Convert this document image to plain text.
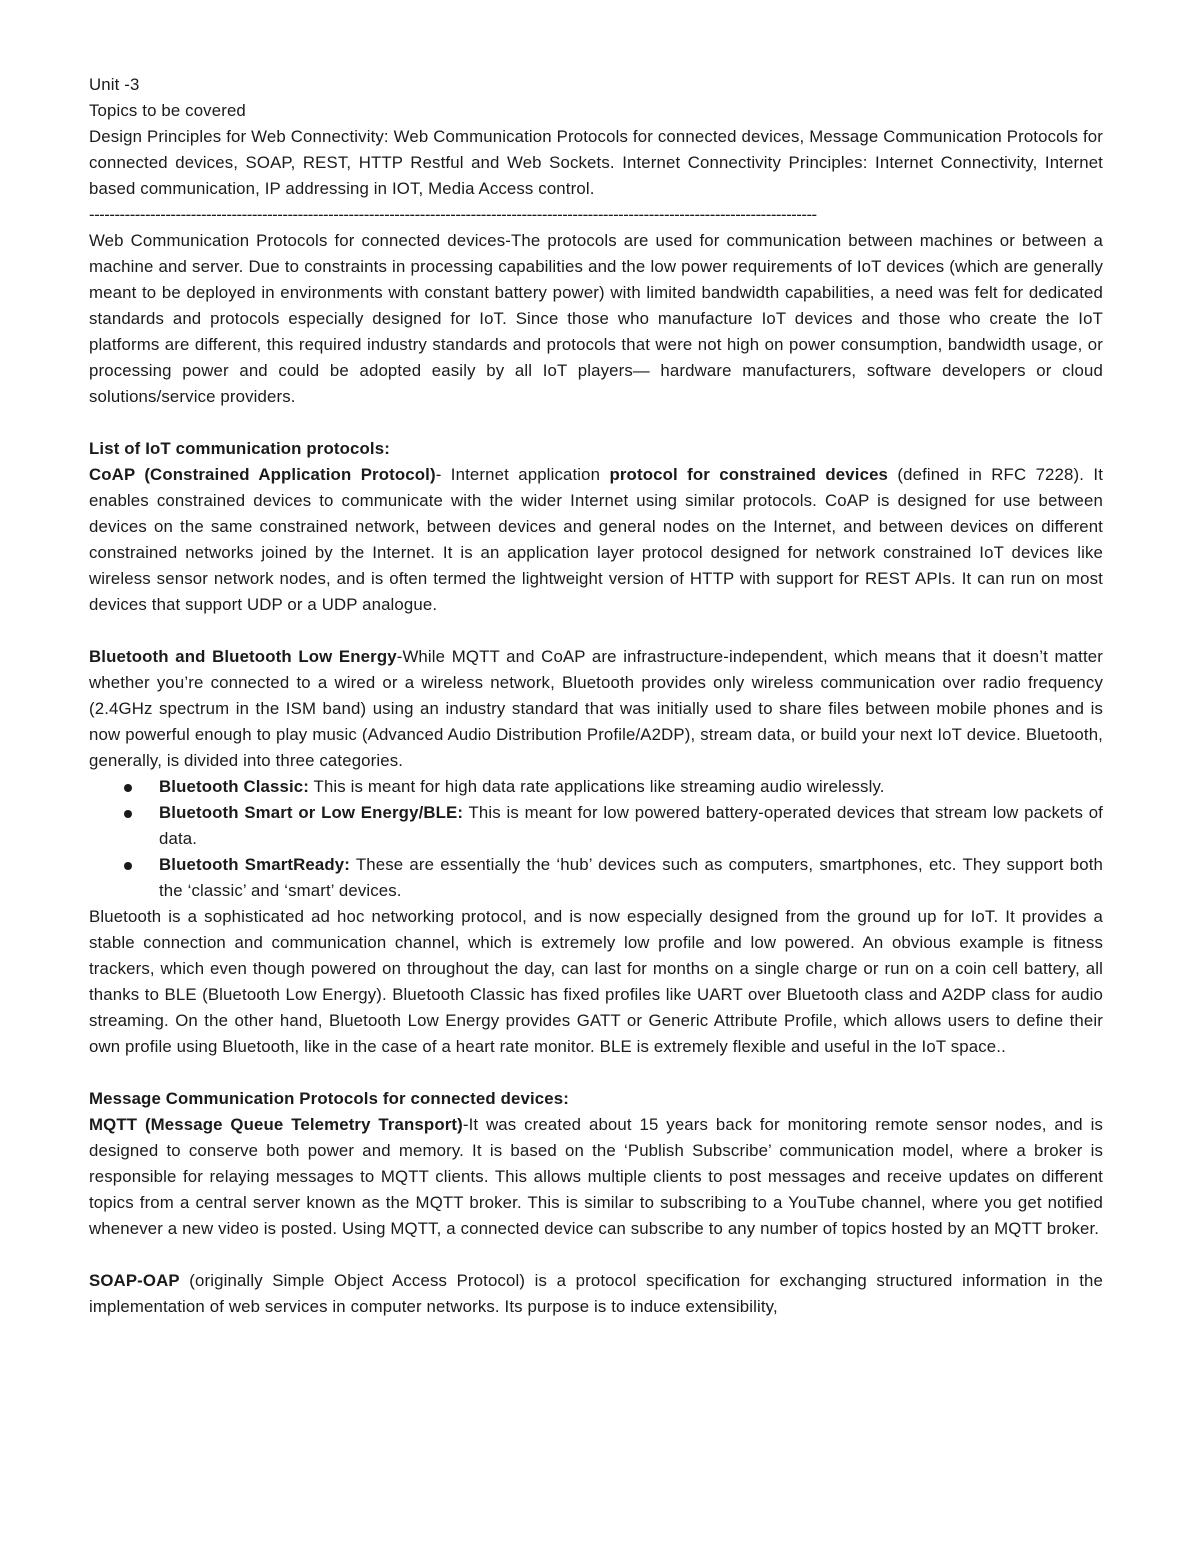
Unit -3

Topics to be covered

Design Principles for Web Connectivity: Web Communication Protocols for connected devices, Message Communication Protocols for connected devices, SOAP, REST, HTTP Restful and Web Sockets. Internet Connectivity Principles: Internet Connectivity, Internet based communication, IP addressing in IOT, Media Access control.

-----------------------------------------------------------------------------------------------------------------------------------------------

Web Communication Protocols for connected devices-The protocols are used for communication between machines or between a machine and server. Due to constraints in processing capabilities and the low power requirements of IoT devices (which are generally meant to be deployed in environments with constant battery power) with limited bandwidth capabilities, a need was felt for dedicated standards and protocols especially designed for IoT. Since those who manufacture IoT devices and those who create the IoT platforms are different, this required industry standards and protocols that were not high on power consumption, bandwidth usage, or processing power and could be adopted easily by all IoT players— hardware manufacturers, software developers or cloud solutions/service providers.

List of IoT communication protocols:

CoAP (Constrained Application Protocol)- Internet application protocol for constrained devices (defined in RFC 7228). It enables constrained devices to communicate with the wider Internet using similar protocols. CoAP is designed for use between devices on the same constrained network, between devices and general nodes on the Internet, and between devices on different constrained networks joined by the Internet. It is an application layer protocol designed for network constrained IoT devices like wireless sensor network nodes, and is often termed the lightweight version of HTTP with support for REST APIs. It can run on most devices that support UDP or a UDP analogue.

Bluetooth and Bluetooth Low Energy-While MQTT and CoAP are infrastructure-independent, which means that it doesn’t matter whether you’re connected to a wired or a wireless network, Bluetooth provides only wireless communication over radio frequency (2.4GHz spectrum in the ISM band) using an industry standard that was initially used to share files between mobile phones and is now powerful enough to play music (Advanced Audio Distribution Profile/A2DP), stream data, or build your next IoT device. Bluetooth, generally, is divided into three categories.

Bluetooth Classic: This is meant for high data rate applications like streaming audio wirelessly.
Bluetooth Smart or Low Energy/BLE: This is meant for low powered battery-operated devices that stream low packets of data.
Bluetooth SmartReady: These are essentially the ‘hub’ devices such as computers, smartphones, etc. They support both the ‘classic’ and ‘smart’ devices.

Bluetooth is a sophisticated ad hoc networking protocol, and is now especially designed from the ground up for IoT. It provides a stable connection and communication channel, which is extremely low profile and low powered. An obvious example is fitness trackers, which even though powered on throughout the day, can last for months on a single charge or run on a coin cell battery, all thanks to BLE (Bluetooth Low Energy). Bluetooth Classic has fixed profiles like UART over Bluetooth class and A2DP class for audio streaming. On the other hand, Bluetooth Low Energy provides GATT or Generic Attribute Profile, which allows users to define their own profile using Bluetooth, like in the case of a heart rate monitor. BLE is extremely flexible and useful in the IoT space..

Message Communication Protocols for connected devices:

MQTT (Message Queue Telemetry Transport)-It was created about 15 years back for monitoring remote sensor nodes, and is designed to conserve both power and memory. It is based on the ‘Publish Subscribe’ communication model, where a broker is responsible for relaying messages to MQTT clients. This allows multiple clients to post messages and receive updates on different topics from a central server known as the MQTT broker. This is similar to subscribing to a YouTube channel, where you get notified whenever a new video is posted. Using MQTT, a connected device can subscribe to any number of topics hosted by an MQTT broker.

SOAP-OAP (originally Simple Object Access Protocol) is a protocol specification for exchanging structured information in the implementation of web services in computer networks. Its purpose is to induce extensibility,
